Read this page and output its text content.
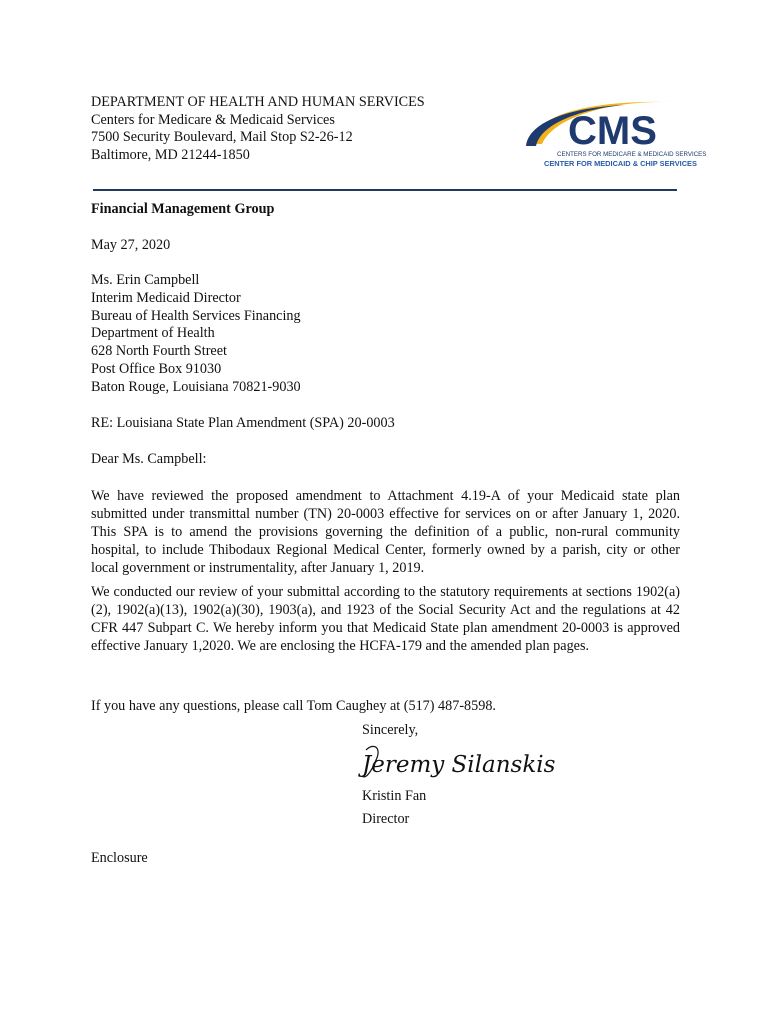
DEPARTMENT OF HEALTH AND HUMAN SERVICES
Centers for Medicare & Medicaid Services
7500 Security Boulevard, Mail Stop S2-26-12
Baltimore, MD 21244-1850
CMS
CENTERS FOR MEDICARE & MEDICAID SERVICES
CENTER FOR MEDICAID & CHIP SERVICES
Financial Management Group
May 27, 2020
Ms. Erin Campbell
Interim Medicaid Director
Bureau of Health Services Financing
Department of Health
628 North Fourth Street
Post Office Box 91030
Baton Rouge, Louisiana 70821-9030
RE: Louisiana State Plan Amendment (SPA) 20-0003
Dear Ms. Campbell:

We have reviewed the proposed amendment to Attachment 4.19-A of your Medicaid state plan submitted under transmittal number (TN) 20-0003 effective for services on or after January 1, 2020. This SPA is to amend the provisions governing the definition of a public, non-rural community hospital, to include Thibodaux Regional Medical Center, formerly owned by a parish, city or other local government or instrumentality, after January 1, 2019.

We conducted our review of your submittal according to the statutory requirements at sections 1902(a)(2), 1902(a)(13), 1902(a)(30), 1903(a), and 1923 of the Social Security Act and the regulations at 42 CFR 447 Subpart C. We hereby inform you that Medicaid State plan amendment 20-0003 is approved effective January 1,2020. We are enclosing the HCFA-179 and the amended plan pages.

If you have any questions, please call Tom Caughey at (517) 487-8598.

Sincerely,
Jeremy Silanskis
Kristin Fan
Director
Enclosure
